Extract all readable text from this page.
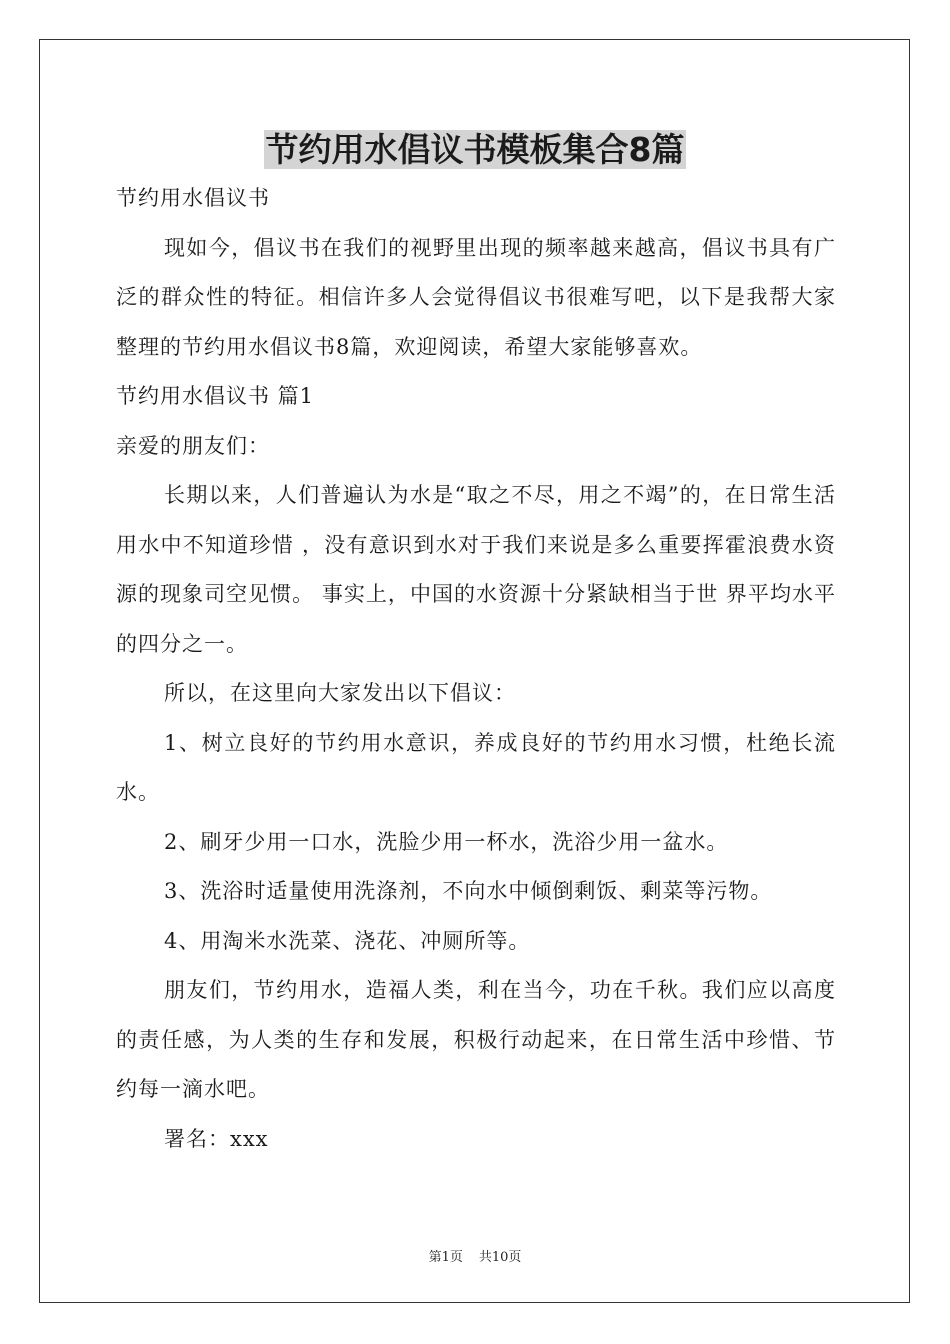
节约用水倡议书模板集合8篇

节约用水倡议书

现如今，倡议书在我们的视野里出现的频率越来越高，倡议书具有广泛的群众性的特征。相信许多人会觉得倡议书很难写吧，以下是我帮大家整理的节约用水倡议书8篇，欢迎阅读，希望大家能够喜欢。

节约用水倡议书 篇1

亲爱的朋友们：

长期以来，人们普遍认为水是“取之不尽，用之不竭”的，在日常生活用水中不知道珍惜 ，没有意识到水对于我们来说是多么重要挥霍浪费水资源的现象司空见惯。 事实上，中国的水资源十分紧缺相当于世 界平均水平的四分之一。

所以，在这里向大家发出以下倡议：

1、树立良好的节约用水意识，养成良好的节约用水习惯，杜绝长流水。

2、刷牙少用一口水，洗脸少用一杯水，洗浴少用一盆水。

3、洗浴时适量使用洗涤剂，不向水中倾倒剩饭、剩菜等污物。

4、用淘米水洗菜、浇花、冲厕所等。

朋友们，节约用水，造福人类，利在当今，功在千秋。我们应以高度的责任感，为人类的生存和发展，积极行动起来，在日常生活中珍惜、节约每一滴水吧。

署名：xxx

第1页 共10页
